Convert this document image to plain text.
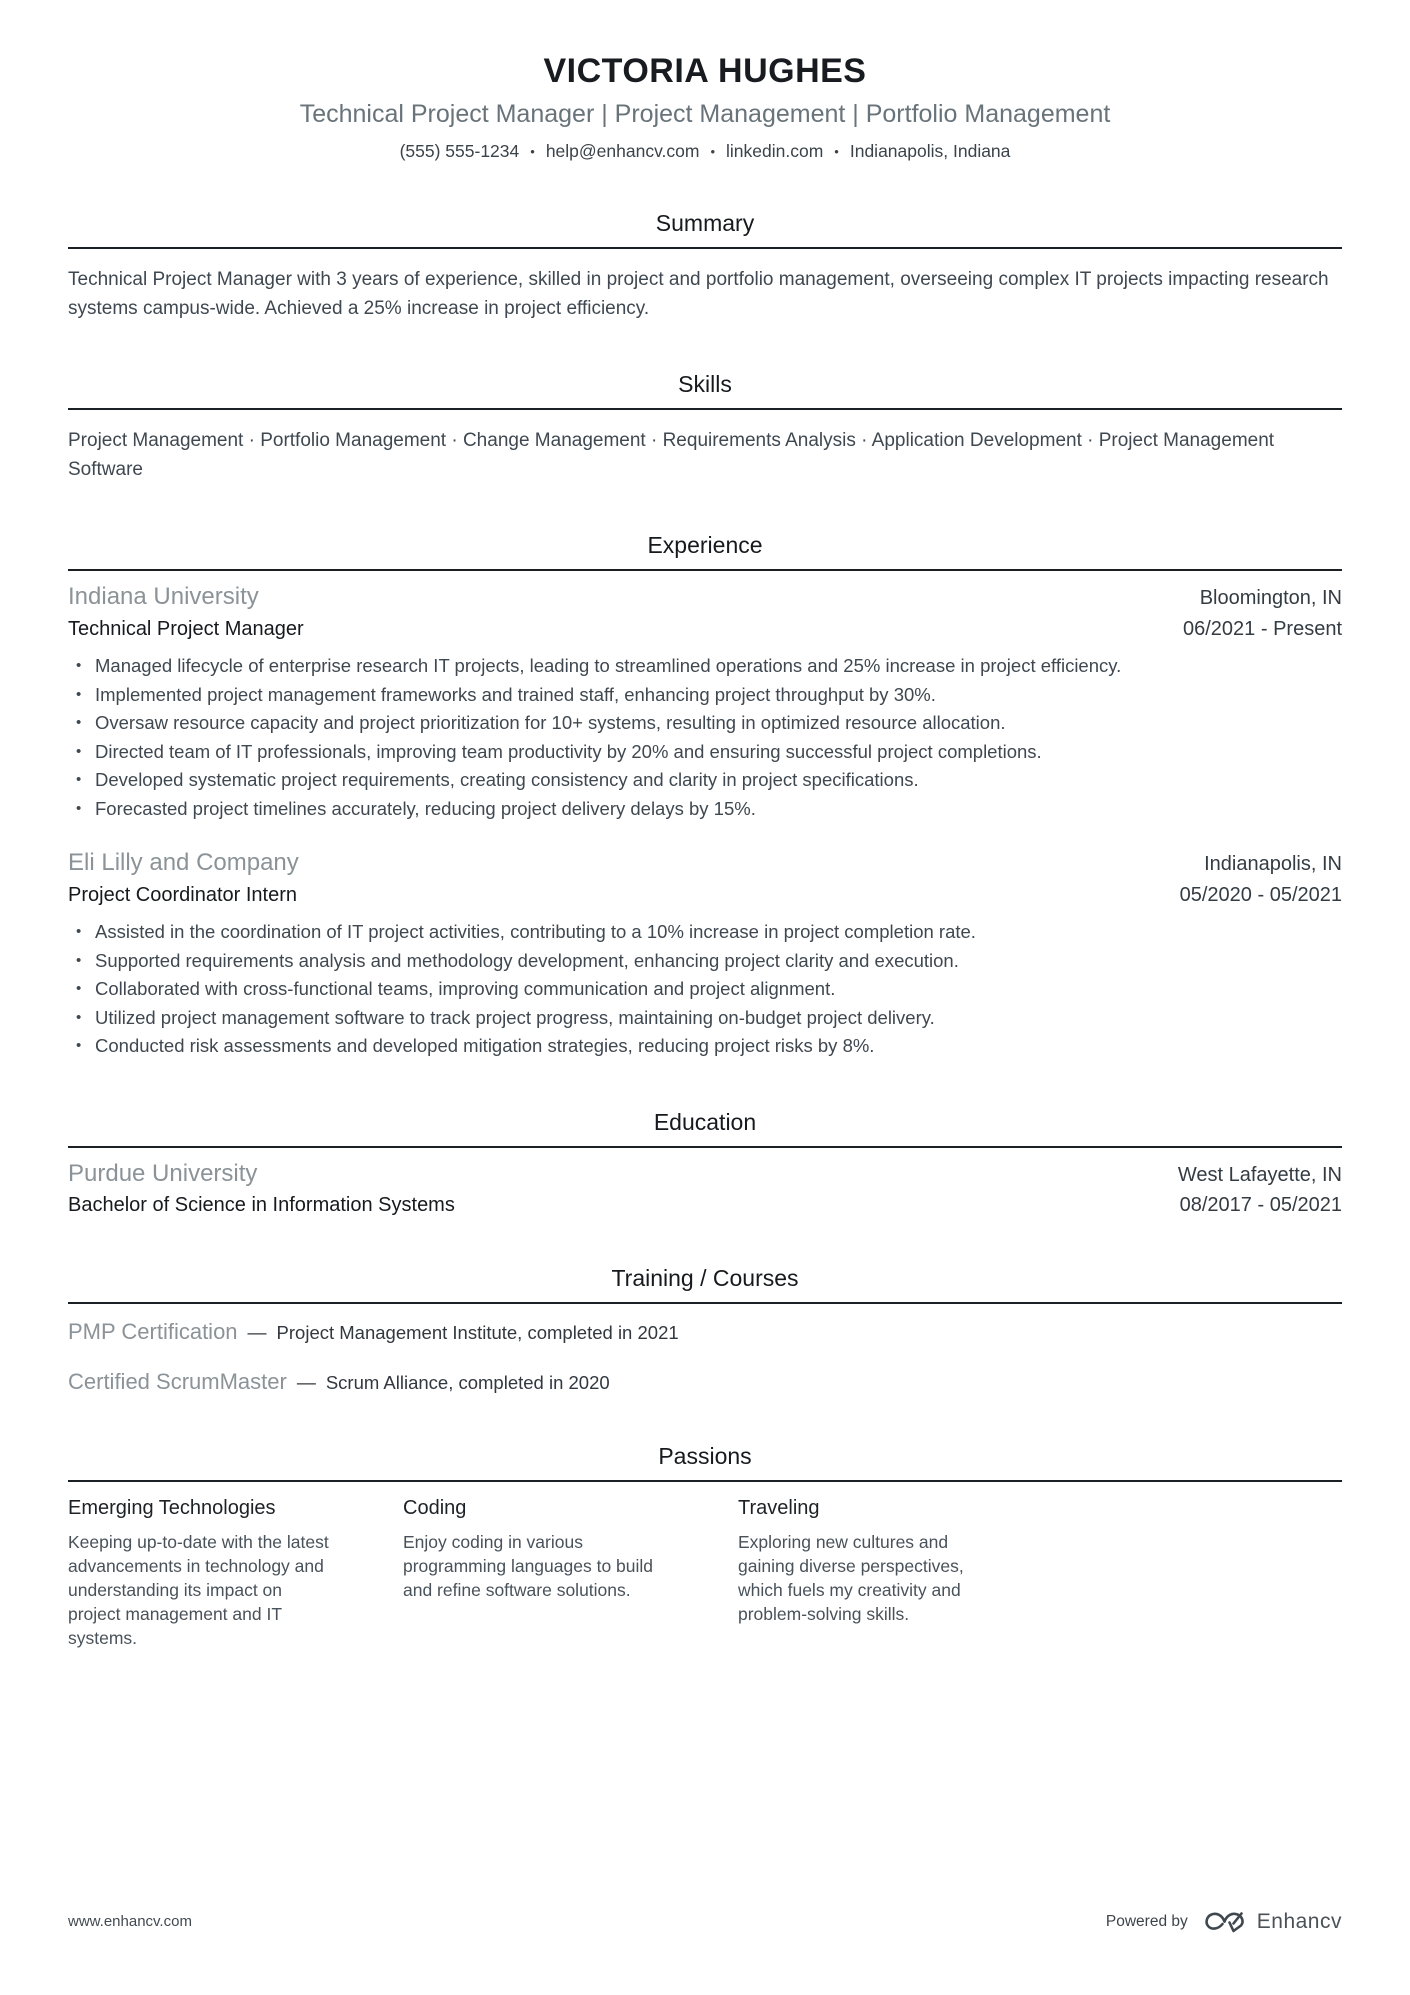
VICTORIA HUGHES
Technical Project Manager | Project Management | Portfolio Management
(555) 555-1234 • help@enhancv.com • linkedin.com • Indianapolis, Indiana
Summary

Technical Project Manager with 3 years of experience, skilled in project and portfolio management, overseeing complex IT projects impacting research systems campus-wide. Achieved a 25% increase in project efficiency.

Skills

Project Management · Portfolio Management · Change Management · Requirements Analysis · Application Development · Project Management Software

Experience
Indiana University	Bloomington, IN
Technical Project Manager	06/2021 - Present
• Managed lifecycle of enterprise research IT projects, leading to streamlined operations and 25% increase in project efficiency.
• Implemented project management frameworks and trained staff, enhancing project throughput by 30%.
• Oversaw resource capacity and project prioritization for 10+ systems, resulting in optimized resource allocation.
• Directed team of IT professionals, improving team productivity by 20% and ensuring successful project completions.
• Developed systematic project requirements, creating consistency and clarity in project specifications.
• Forecasted project timelines accurately, reducing project delivery delays by 15%.
Eli Lilly and Company	Indianapolis, IN
Project Coordinator Intern	05/2020 - 05/2021
• Assisted in the coordination of IT project activities, contributing to a 10% increase in project completion rate.
• Supported requirements analysis and methodology development, enhancing project clarity and execution.
• Collaborated with cross-functional teams, improving communication and project alignment.
• Utilized project management software to track project progress, maintaining on-budget project delivery.
• Conducted risk assessments and developed mitigation strategies, reducing project risks by 8%.
Education
Purdue University	West Lafayette, IN
Bachelor of Science in Information Systems	08/2017 - 05/2021
Training / Courses
PMP Certification — Project Management Institute, completed in 2021
Certified ScrumMaster — Scrum Alliance, completed in 2020
Passions
Emerging Technologies
Keeping up-to-date with the latest advancements in technology and understanding its impact on project management and IT systems.
Coding
Enjoy coding in various programming languages to build and refine software solutions.
Traveling
Exploring new cultures and gaining diverse perspectives, which fuels my creativity and problem-solving skills.
www.enhancv.com	Powered by	Enhancv
